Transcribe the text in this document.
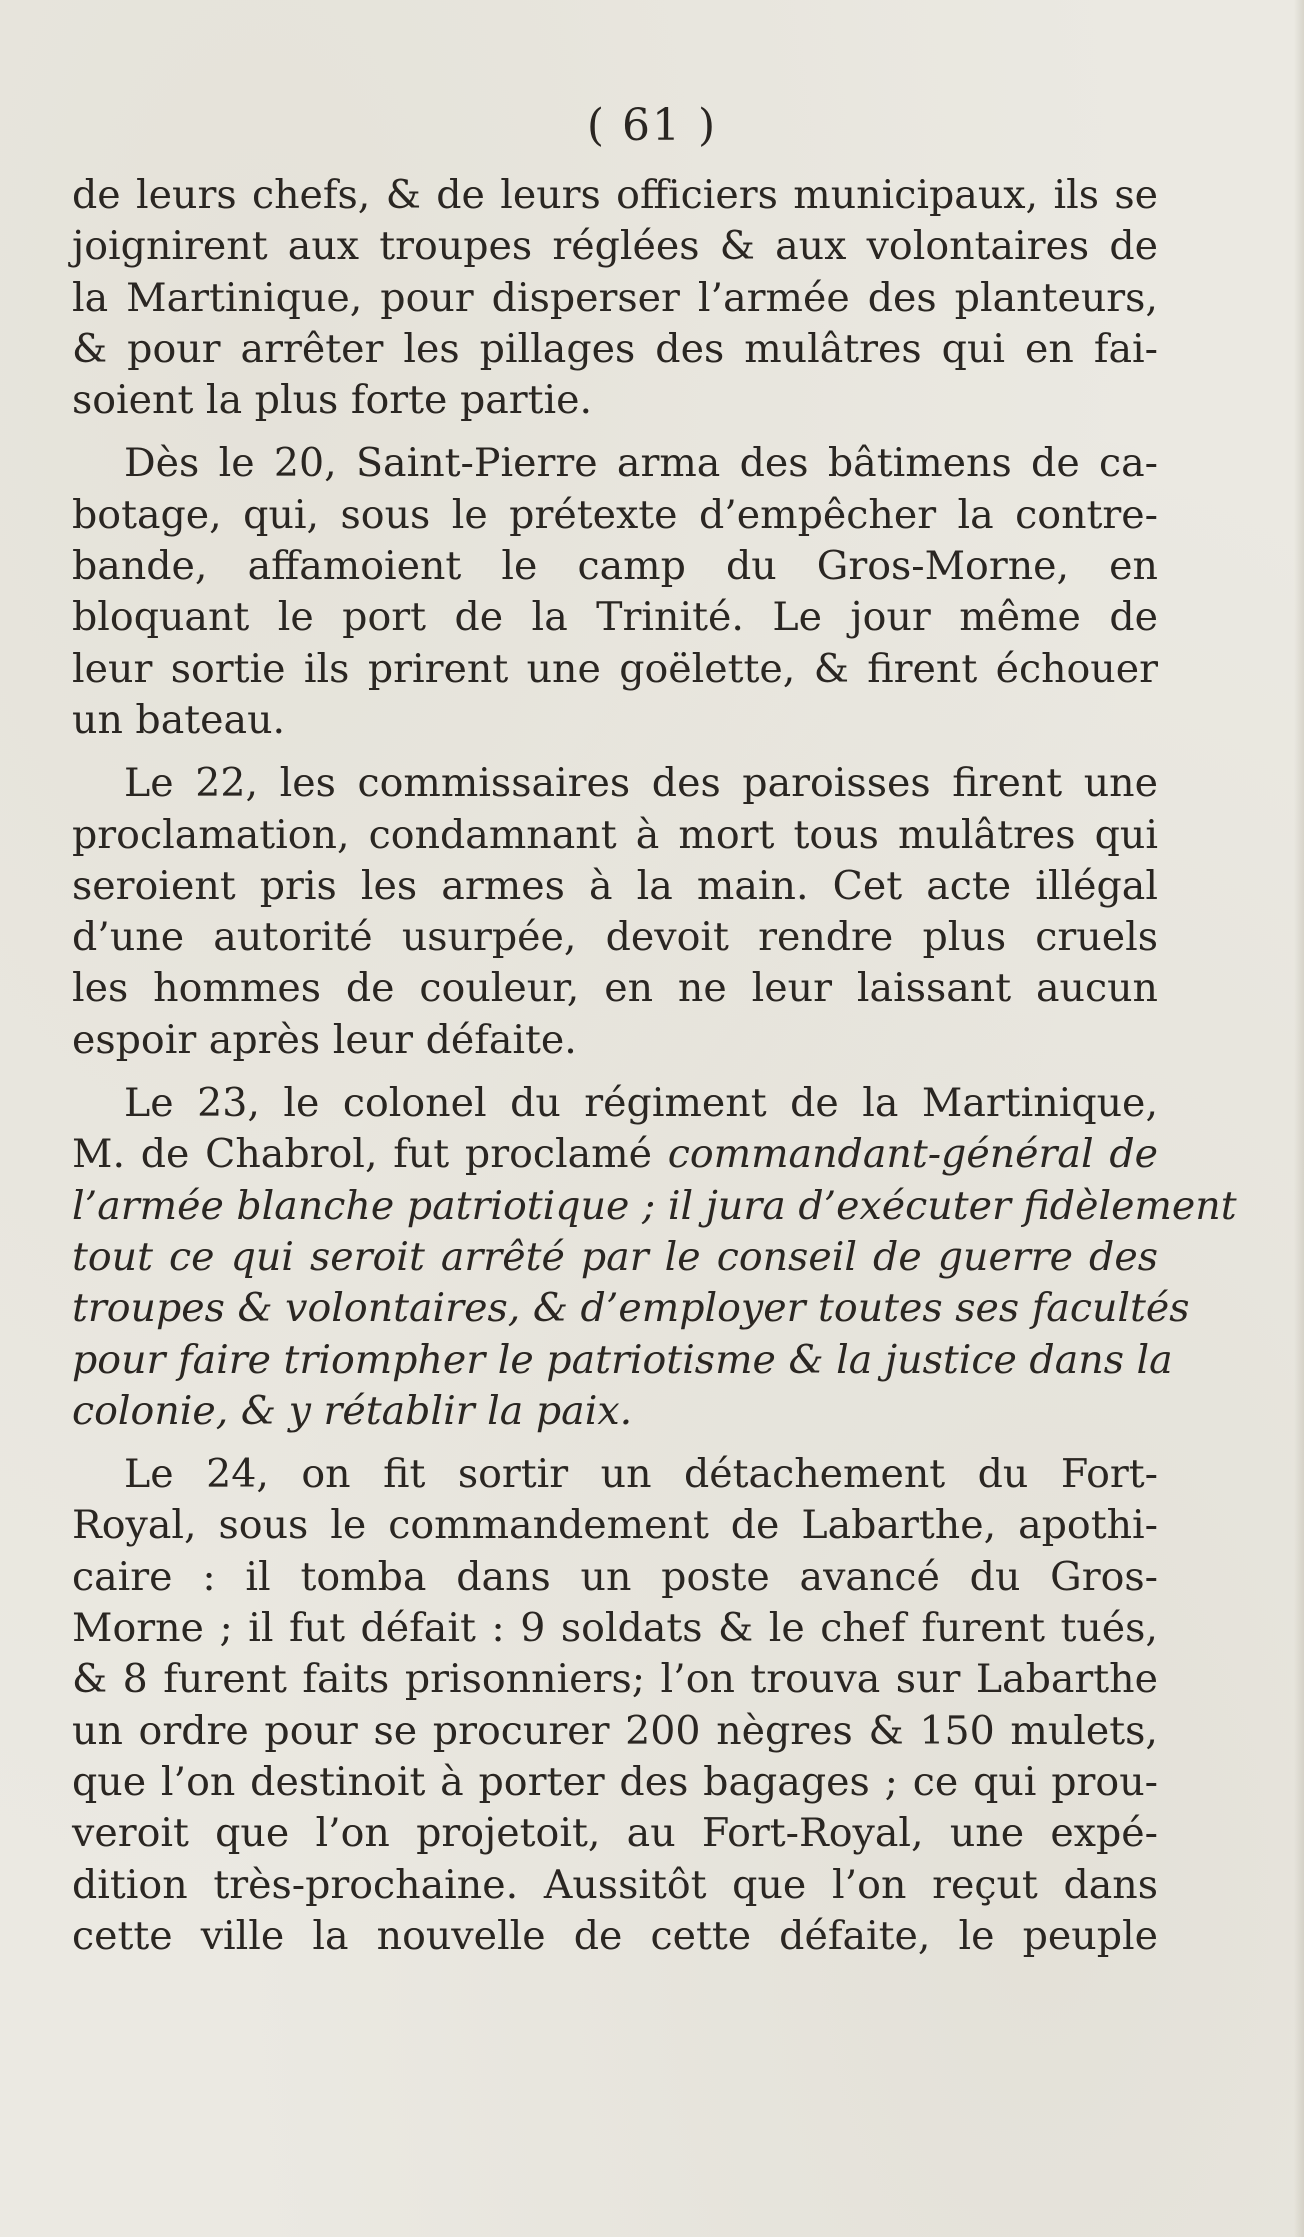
( 61 )
de leurs chefs, & de leurs officiers municipaux, ils se
joignirent aux troupes réglées & aux volontaires de
la Martinique, pour disperser l’armée des planteurs,
& pour arrêter les pillages des mulâtres qui en fai-
soient la plus forte partie.
Dès le 20, Saint-Pierre arma des bâtimens de ca-
botage, qui, sous le prétexte d’empêcher la contre-
bande, affamoient le camp du Gros-Morne, en
bloquant le port de la Trinité. Le jour même de
leur sortie ils prirent une goëlette, & firent échouer
un bateau.
Le 22, les commissaires des paroisses firent une
proclamation, condamnant à mort tous mulâtres qui
seroient pris les armes à la main. Cet acte illégal
d’une autorité usurpée, devoit rendre plus cruels
les hommes de couleur, en ne leur laissant aucun
espoir après leur défaite.
Le 23, le colonel du régiment de la Martinique,
M. de Chabrol, fut proclamé commandant-général de
l’armée blanche patriotique ; il jura d’exécuter fidèlement
tout ce qui seroit arrêté par le conseil de guerre des
troupes & volontaires, & d’employer toutes ses facultés
pour faire triompher le patriotisme & la justice dans la
colonie, & y rétablir la paix.
Le 24, on fit sortir un détachement du Fort-
Royal, sous le commandement de Labarthe, apothi-
caire : il tomba dans un poste avancé du Gros-
Morne ; il fut défait : 9 soldats & le chef furent tués,
& 8 furent faits prisonniers; l’on trouva sur Labarthe
un ordre pour se procurer 200 nègres & 150 mulets,
que l’on destinoit à porter des bagages ; ce qui prou-
veroit que l’on projetoit, au Fort-Royal, une expé-
dition très-prochaine. Aussitôt que l’on reçut dans
cette ville la nouvelle de cette défaite, le peuple
